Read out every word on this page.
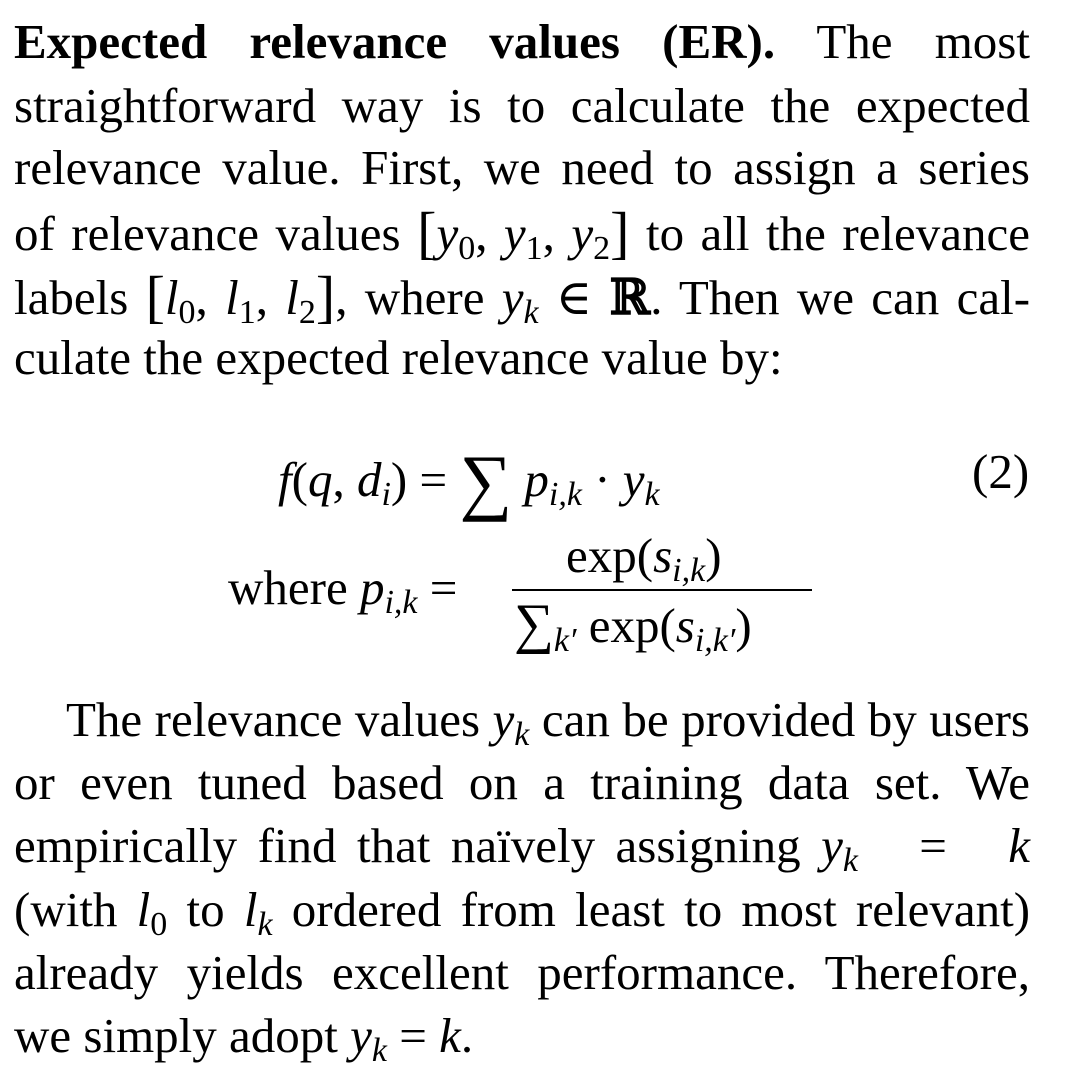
Expected relevance values (ER). The most
straightforward way is to calculate the expected
relevance value. First, we need to assign a series
of relevance values [$y_0$, $y_1$, $y_2$] to all the relevance
labels [$l_0$, $l_1$, $l_2$], where $y_k$ ∈ ℝ. Then we can cal-
culate the expected relevance value by:
f(q, $d_i$) = ∑ $p_{i,k} \cdot y_k$	(2)
where $p_{i,k}$ =
$\exp(s_{i,k})$
$\sum_{k'}$ $\exp(s_{i,k'})$
The relevance values $y_k$ can be provided by users
or even tuned based on a training data set. We
empirically find that naïvely assigning $y_k = k$
(with $l_0$ to $l_k$ ordered from least to most relevant)
already yields excellent performance. Therefore,
we simply adopt $y_k = k$.
